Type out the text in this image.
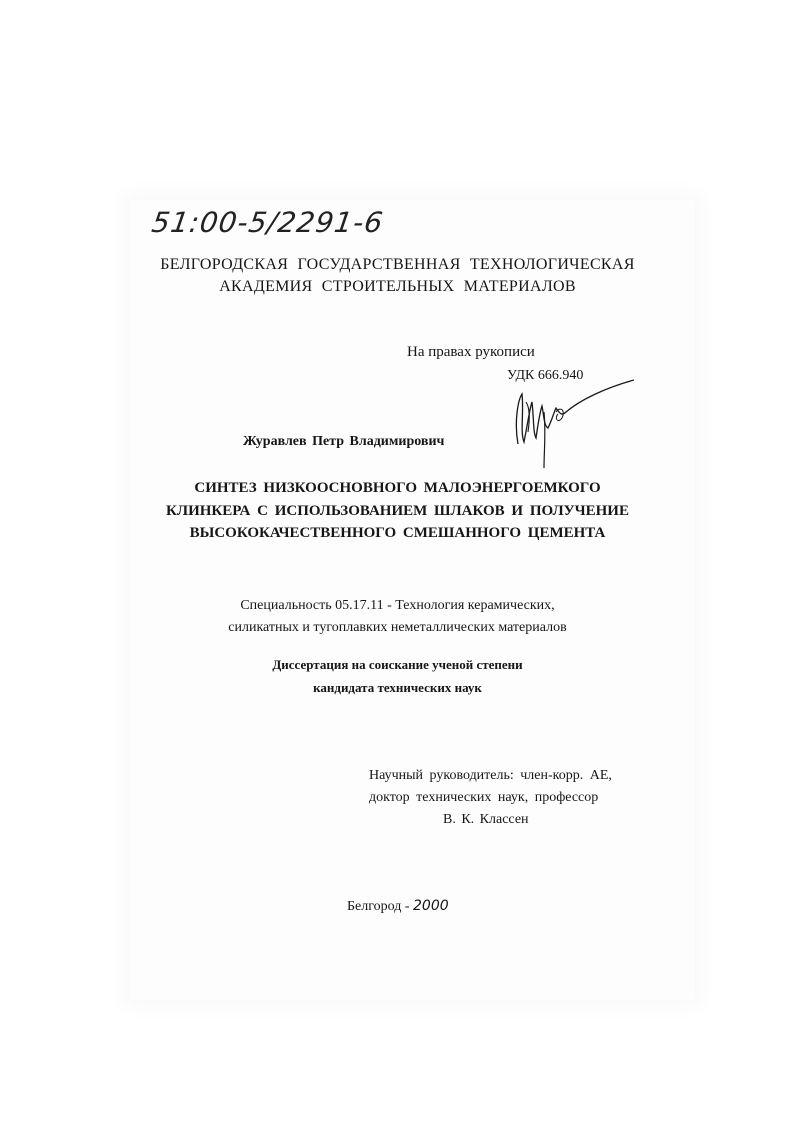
51:00-5/2291-6
БЕЛГОРОДСКАЯ ГОСУДАРСТВЕННАЯ ТЕХНОЛОГИЧЕСКАЯ
АКАДЕМИЯ СТРОИТЕЛЬНЫХ МАТЕРИАЛОВ
На правах рукописи
УДК 666.940
Журавлев Петр Владимирович
СИНТЕЗ НИЗКООСНОВНОГО МАЛОЭНЕРГОЕМКОГО
КЛИНКЕРА С ИСПОЛЬЗОВАНИЕМ ШЛАКОВ И ПОЛУЧЕНИЕ
ВЫСОКОКАЧЕСТВЕННОГО СМЕШАННОГО ЦЕМЕНТА
Специальность 05.17.11 - Технология керамических,
силикатных и тугоплавких неметаллических материалов
Диссертация на соискание ученой степени
кандидата технических наук
Научный руководитель: член-корр. АЕ,
доктор технических наук, профессор
В. К. Классен
Белгород - 2000
